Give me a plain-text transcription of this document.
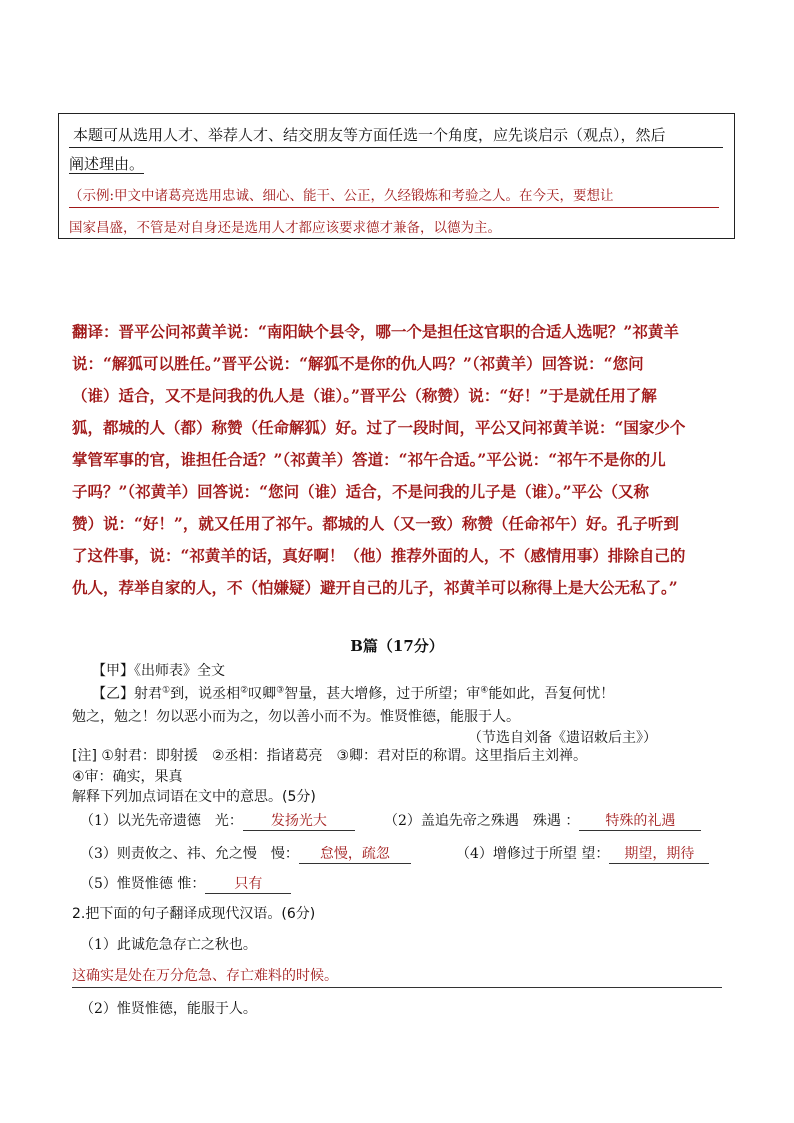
本题可从选用人才、举荐人才、结交朋友等方面任选一个角度，应先谈启示（观点），然后
阐述理由。
（示例:甲文中诸葛亮选用忠诚、细心、能干、公正，久经锻炼和考验之人。在今天，要想让
国家昌盛，不管是对自身还是选用人才都应该要求德才兼备，以德为主。
翻译：晋平公问祁黄羊说：“南阳缺个县令，哪一个是担任这官职的合适人选呢？”祁黄羊
说：“解狐可以胜任。”晋平公说：“解狐不是你的仇人吗？”（祁黄羊）回答说：“您问
（谁）适合，又不是问我的仇人是（谁）。”晋平公（称赞）说：“好！”于是就任用了解
狐，都城的人（都）称赞（任命解狐）好。过了一段时间，平公又问祁黄羊说：“国家少个
掌管军事的官，谁担任合适？”（祁黄羊）答道：“祁午合适。”平公说：“祁午不是你的儿
子吗？”（祁黄羊）回答说：“您问（谁）适合，不是问我的儿子是（谁）。”平公（又称
赞）说：“好！”，就又任用了祁午。都城的人（又一致）称赞（任命祁午）好。孔子听到
了这件事，说：“祁黄羊的话，真好啊！（他）推荐外面的人，不（感情用事）排除自己的
仇人，荐举自家的人，不（怕嫌疑）避开自己的儿子，祁黄羊可以称得上是大公无私了。”
B篇（17分）
【甲】《出师表》全文
【乙】射君①到，说丞相②叹卿③智量，甚大增修，过于所望；审④能如此，吾复何忧！
勉之，勉之！勿以恶小而为之，勿以善小而不为。惟贤惟德，能服于人。
（节选自刘备《遗诏敕后主》）
[注] ①射君：即射援　②丞相：指诸葛亮　③卿：君对臣的称谓。这里指后主刘禅。
④审：确实，果真
解释下列加点词语在文中的意思。(5分)
（1）以光先帝遗德　光： 发扬光大	（2）盖追先帝之殊遇　殊遇 ： 特殊的礼遇
（3）则责攸之、祎、允之慢　慢： 怠慢，疏忽	（4）增修过于所望 望： 期望，期待
（5）惟贤惟德 惟： 只有
2.把下面的句子翻译成现代汉语。(6分)
（1）此诚危急存亡之秋也。
这确实是处在万分危急、存亡难料的时候。
（2）惟贤惟德，能服于人。
